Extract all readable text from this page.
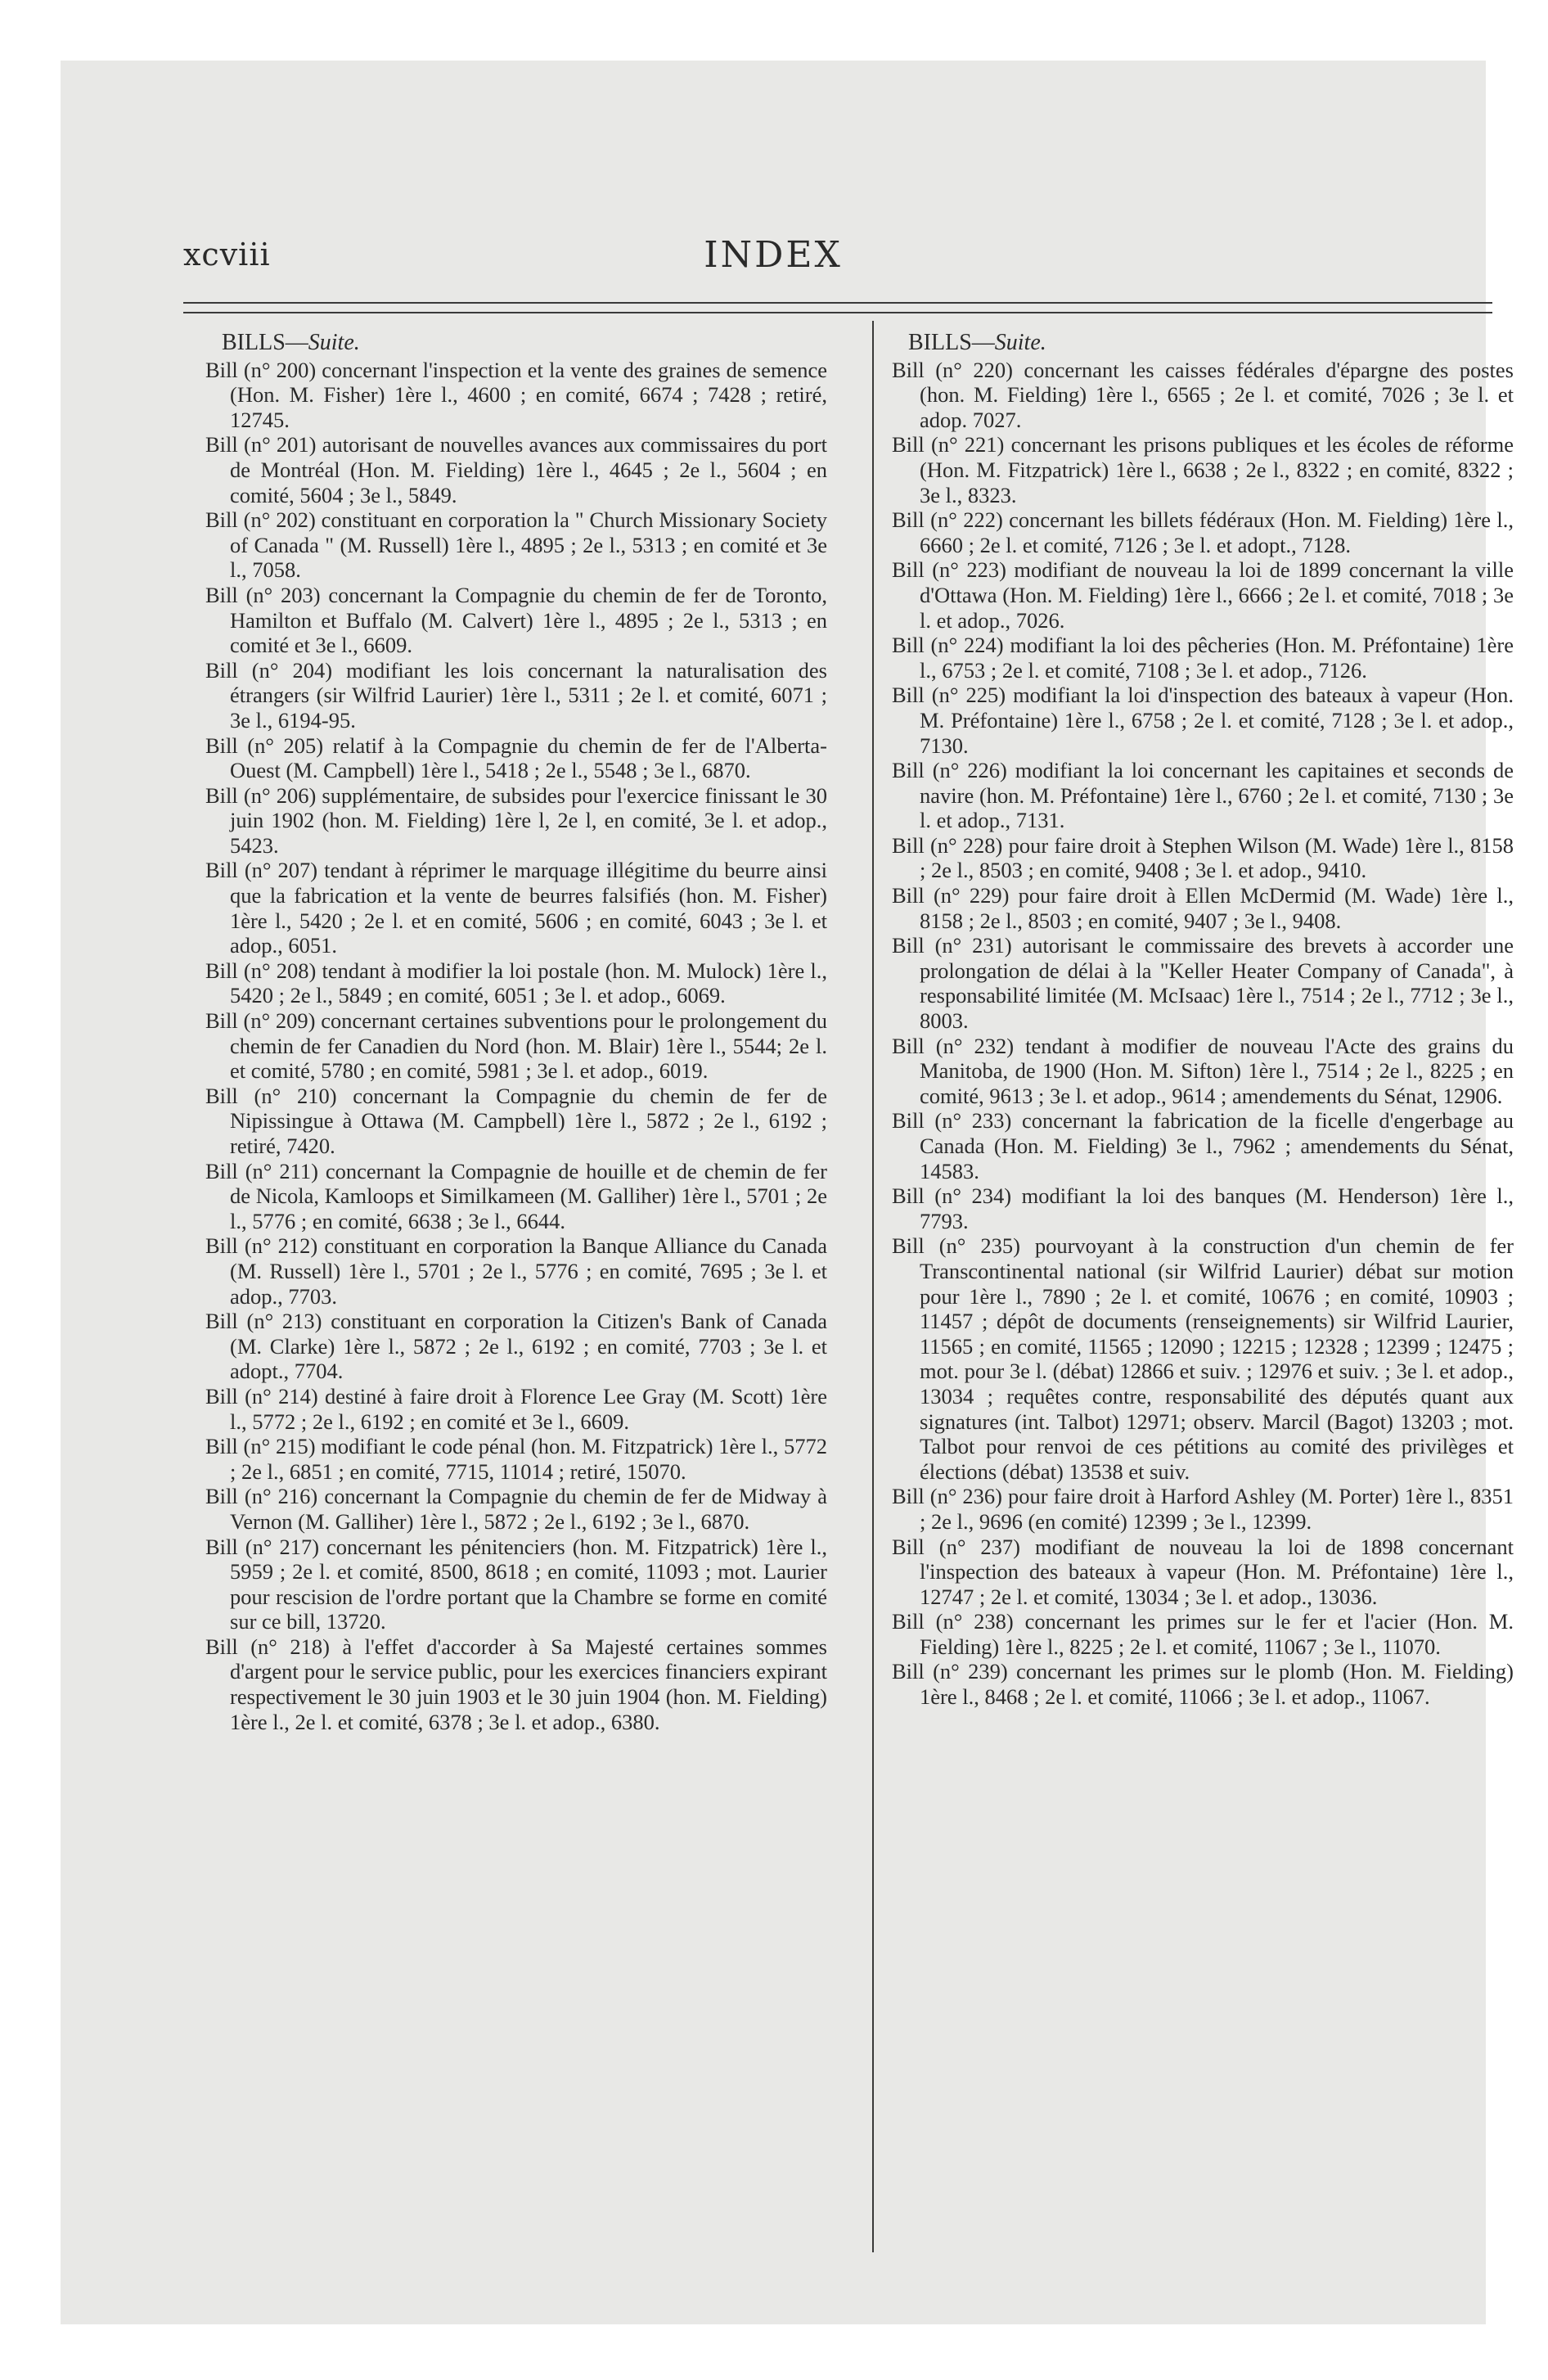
xcviii	INDEX
BILLS—Suite.

Bill (n° 200) concernant l'inspection et la vente des graines de semence (Hon. M. Fisher) 1ère l., 4600 ; en comité, 6674 ; 7428 ; retiré, 12745.

Bill (n° 201) autorisant de nouvelles avances aux commissaires du port de Montréal (Hon. M. Fielding) 1ère l., 4645 ; 2e l., 5604 ; en comité, 5604 ; 3e l., 5849.

Bill (n° 202) constituant en corporation la " Church Missionary Society of Canada " (M. Russell) 1ère l., 4895 ; 2e l., 5313 ; en comité et 3e l., 7058.

Bill (n° 203) concernant la Compagnie du chemin de fer de Toronto, Hamilton et Buffalo (M. Calvert) 1ère l., 4895 ; 2e l., 5313 ; en comité et 3e l., 6609.

Bill (n° 204) modifiant les lois concernant la naturalisation des étrangers (sir Wilfrid Laurier) 1ère l., 5311 ; 2e l. et comité, 6071 ; 3e l., 6194-95.

Bill (n° 205) relatif à la Compagnie du chemin de fer de l'Alberta-Ouest (M. Campbell) 1ère l., 5418 ; 2e l., 5548 ; 3e l., 6870.

Bill (n° 206) supplémentaire, de subsides pour l'exercice finissant le 30 juin 1902 (hon. M. Fielding) 1ère l, 2e l, en comité, 3e l. et adop., 5423.

Bill (n° 207) tendant à réprimer le marquage illégitime du beurre ainsi que la fabrication et la vente de beurres falsifiés (hon. M. Fisher) 1ère l., 5420 ; 2e l. et en comité, 5606 ; en comité, 6043 ; 3e l. et adop., 6051.

Bill (n° 208) tendant à modifier la loi postale (hon. M. Mulock) 1ère l., 5420 ; 2e l., 5849 ; en comité, 6051 ; 3e l. et adop., 6069.

Bill (n° 209) concernant certaines subventions pour le prolongement du chemin de fer Canadien du Nord (hon. M. Blair) 1ère l., 5544; 2e l. et comité, 5780 ; en comité, 5981 ; 3e l. et adop., 6019.

Bill (n° 210) concernant la Compagnie du chemin de fer de Nipissingue à Ottawa (M. Campbell) 1ère l., 5872 ; 2e l., 6192 ; retiré, 7420.

Bill (n° 211) concernant la Compagnie de houille et de chemin de fer de Nicola, Kamloops et Similkameen (M. Galliher) 1ère l., 5701 ; 2e l., 5776 ; en comité, 6638 ; 3e l., 6644.

Bill (n° 212) constituant en corporation la Banque Alliance du Canada (M. Russell) 1ère l., 5701 ; 2e l., 5776 ; en comité, 7695 ; 3e l. et adop., 7703.

Bill (n° 213) constituant en corporation la Citizen's Bank of Canada (M. Clarke) 1ère l., 5872 ; 2e l., 6192 ; en comité, 7703 ; 3e l. et adopt., 7704.

Bill (n° 214) destiné à faire droit à Florence Lee Gray (M. Scott) 1ère l., 5772 ; 2e l., 6192 ; en comité et 3e l., 6609.

Bill (n° 215) modifiant le code pénal (hon. M. Fitzpatrick) 1ère l., 5772 ; 2e l., 6851 ; en comité, 7715, 11014 ; retiré, 15070.

Bill (n° 216) concernant la Compagnie du chemin de fer de Midway à Vernon (M. Galliher) 1ère l., 5872 ; 2e l., 6192 ; 3e l., 6870.

Bill (n° 217) concernant les pénitenciers (hon. M. Fitzpatrick) 1ère l., 5959 ; 2e l. et comité, 8500, 8618 ; en comité, 11093 ; mot. Laurier pour rescision de l'ordre portant que la Chambre se forme en comité sur ce bill, 13720.

Bill (n° 218) à l'effet d'accorder à Sa Majesté certaines sommes d'argent pour le service public, pour les exercices financiers expirant respectivement le 30 juin 1903 et le 30 juin 1904 (hon. M. Fielding) 1ère l., 2e l. et comité, 6378 ; 3e l. et adop., 6380.

BILLS—Suite.

Bill (n° 220) concernant les caisses fédérales d'épargne des postes (hon. M. Fielding) 1ère l., 6565 ; 2e l. et comité, 7026 ; 3e l. et adop. 7027.

Bill (n° 221) concernant les prisons publiques et les écoles de réforme (Hon. M. Fitzpatrick) 1ère l., 6638 ; 2e l., 8322 ; en comité, 8322 ; 3e l., 8323.

Bill (n° 222) concernant les billets fédéraux (Hon. M. Fielding) 1ère l., 6660 ; 2e l. et comité, 7126 ; 3e l. et adopt., 7128.

Bill (n° 223) modifiant de nouveau la loi de 1899 concernant la ville d'Ottawa (Hon. M. Fielding) 1ère l., 6666 ; 2e l. et comité, 7018 ; 3e l. et adop., 7026.

Bill (n° 224) modifiant la loi des pêcheries (Hon. M. Préfontaine) 1ère l., 6753 ; 2e l. et comité, 7108 ; 3e l. et adop., 7126.

Bill (n° 225) modifiant la loi d'inspection des bateaux à vapeur (Hon. M. Préfontaine) 1ère l., 6758 ; 2e l. et comité, 7128 ; 3e l. et adop., 7130.

Bill (n° 226) modifiant la loi concernant les capitaines et seconds de navire (hon. M. Préfontaine) 1ère l., 6760 ; 2e l. et comité, 7130 ; 3e l. et adop., 7131.

Bill (n° 228) pour faire droit à Stephen Wilson (M. Wade) 1ère l., 8158 ; 2e l., 8503 ; en comité, 9408 ; 3e l. et adop., 9410.

Bill (n° 229) pour faire droit à Ellen McDermid (M. Wade) 1ère l., 8158 ; 2e l., 8503 ; en comité, 9407 ; 3e l., 9408.

Bill (n° 231) autorisant le commissaire des brevets à accorder une prolongation de délai à la "Keller Heater Company of Canada", à responsabilité limitée (M. McIsaac) 1ère l., 7514 ; 2e l., 7712 ; 3e l., 8003.

Bill (n° 232) tendant à modifier de nouveau l'Acte des grains du Manitoba, de 1900 (Hon. M. Sifton) 1ère l., 7514 ; 2e l., 8225 ; en comité, 9613 ; 3e l. et adop., 9614 ; amendements du Sénat, 12906.

Bill (n° 233) concernant la fabrication de la ficelle d'engerbage au Canada (Hon. M. Fielding) 3e l., 7962 ; amendements du Sénat, 14583.

Bill (n° 234) modifiant la loi des banques (M. Henderson) 1ère l., 7793.

Bill (n° 235) pourvoyant à la construction d'un chemin de fer Transcontinental national (sir Wilfrid Laurier) débat sur motion pour 1ère l., 7890 ; 2e l. et comité, 10676 ; en comité, 10903 ; 11457 ; dépôt de documents (renseignements) sir Wilfrid Laurier, 11565 ; en comité, 11565 ; 12090 ; 12215 ; 12328 ; 12399 ; 12475 ; mot. pour 3e l. (débat) 12866 et suiv. ; 12976 et suiv. ; 3e l. et adop., 13034 ; requêtes contre, responsabilité des députés quant aux signatures (int. Talbot) 12971; observ. Marcil (Bagot) 13203 ; mot. Talbot pour renvoi de ces pétitions au comité des privilèges et élections (débat) 13538 et suiv.

Bill (n° 236) pour faire droit à Harford Ashley (M. Porter) 1ère l., 8351 ; 2e l., 9696 (en comité) 12399 ; 3e l., 12399.

Bill (n° 237) modifiant de nouveau la loi de 1898 concernant l'inspection des bateaux à vapeur (Hon. M. Préfontaine) 1ère l., 12747 ; 2e l. et comité, 13034 ; 3e l. et adop., 13036.

Bill (n° 238) concernant les primes sur le fer et l'acier (Hon. M. Fielding) 1ère l., 8225 ; 2e l. et comité, 11067 ; 3e l., 11070.

Bill (n° 239) concernant les primes sur le plomb (Hon. M. Fielding) 1ère l., 8468 ; 2e l. et comité, 11066 ; 3e l. et adop., 11067.
